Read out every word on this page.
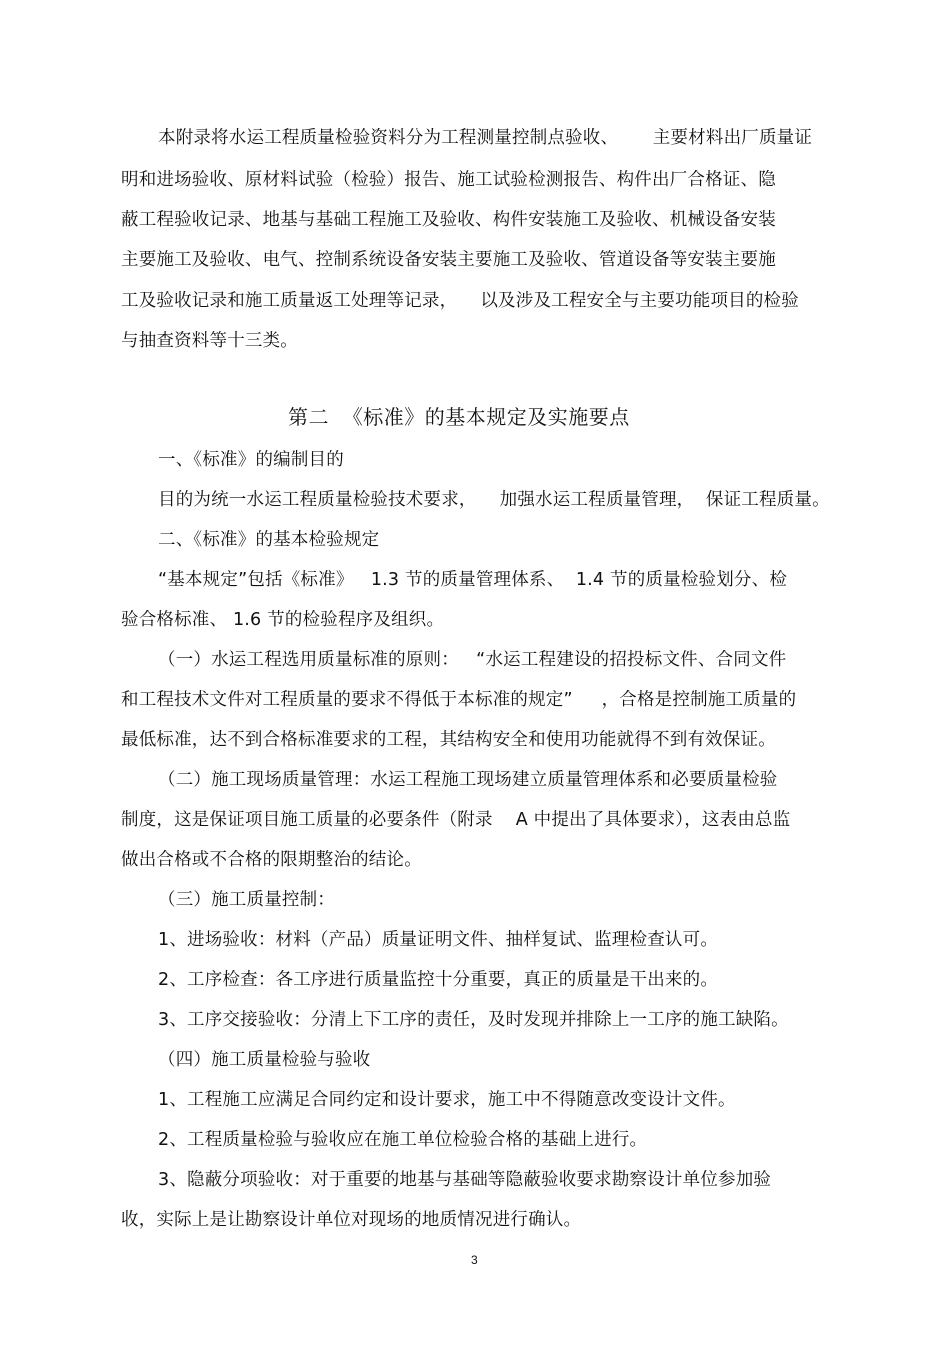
本附录将水运工程质量检验资料分为工程测量控制点验收、      主要材料出厂质量证
明和进场验收、原材料试验（检验）报告、施工试验检测报告、构件出厂合格证、隐
蔽工程验收记录、地基与基础工程施工及验收、构件安装施工及验收、机械设备安装
主要施工及验收、电气、控制系统设备安装主要施工及验收、管道设备等安装主要施
工及验收记录和施工质量返工处理等记录，    以及涉及工程安全与主要功能项目的检验
与抽查资料等十三类。
第二  《标准》的基本规定及实施要点
一、《标准》的编制目的
目的为统一水运工程质量检验技术要求，    加强水运工程质量管理，  保证工程质量。
二、《标准》的基本检验规定
“基本规定”包括《标准》   1.3 节的质量管理体系、  1.4 节的质量检验划分、检
验合格标准、 1.6 节的检验程序及组织。
（一）水运工程选用质量标准的原则：   “水运工程建设的招投标文件、合同文件
和工程技术文件对工程质量的要求不得低于本标准的规定”     ，合格是控制施工质量的
最低标准，达不到合格标准要求的工程，其结构安全和使用功能就得不到有效保证。
（二）施工现场质量管理：水运工程施工现场建立质量管理体系和必要质量检验
制度，这是保证项目施工质量的必要条件（附录    A 中提出了具体要求），这表由总监
做出合格或不合格的限期整治的结论。
（三）施工质量控制：
1、进场验收：材料（产品）质量证明文件、抽样复试、监理检查认可。
2、工序检查：各工序进行质量监控十分重要，真正的质量是干出来的。
3、工序交接验收：分清上下工序的责任，及时发现并排除上一工序的施工缺陷。
（四）施工质量检验与验收
1、工程施工应满足合同约定和设计要求，施工中不得随意改变设计文件。
2、工程质量检验与验收应在施工单位检验合格的基础上进行。
3、隐蔽分项验收：对于重要的地基与基础等隐蔽验收要求勘察设计单位参加验
收，实际上是让勘察设计单位对现场的地质情况进行确认。
3
